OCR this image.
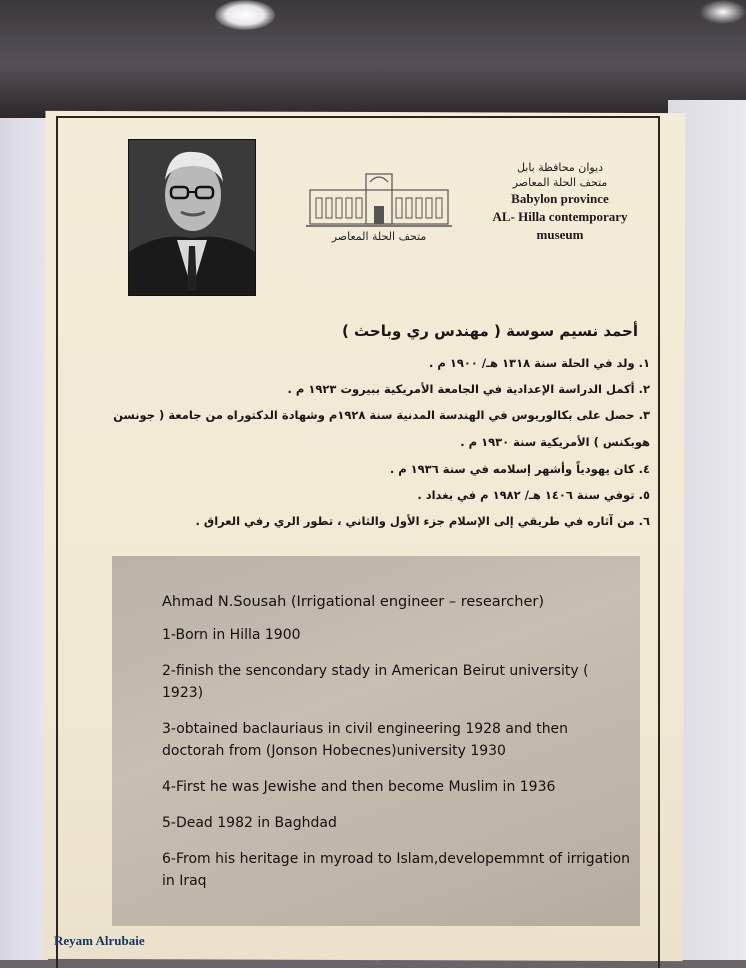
متحف الحلة المعاصر
ديوان محافظة بابل
متحف الحلة المعاصر
Babylon province
AL- Hilla contemporary
museum

أحمد نسيم سوسة ( مهندس ري وباحث )

١. ولد في الحلة سنة ١٣١٨ هـ/ ١٩٠٠ م .

٢. أكمل الدراسة الإعدادية في الجامعة الأمريكية ببيروت ١٩٢٣ م .

٣. حصل على بكالوريوس في الهندسة المدنية سنة ١٩٢٨م وشهادة الدكتوراه من جامعة ( جونسن هوبكنس ) الأمريكية سنة ١٩٣٠ م .

٤. كان يهودياً وأشهر إسلامه في سنة ١٩٣٦ م .

٥. توفي سنة ١٤٠٦ هـ/ ١٩٨٢ م في بغداد .

٦. من آثاره في طريقي إلى الإسلام جزء الأول والثاني ، تطور الري رفي العراق .

Ahmad N.Sousah (Irrigational engineer – researcher)

1-Born in Hilla 1900

2-finish the sencondary stady in American Beirut university ( 1923)

3-obtained baclauriaus in civil engineering 1928 and then doctorah from (Jonson Hobecnes)university 1930

4-First he was Jewishe and then become Muslim in 1936

5-Dead 1982 in Baghdad

6-From his heritage in myroad to Islam,developemmnt of irrigation in Iraq

Reyam Alrubaie
